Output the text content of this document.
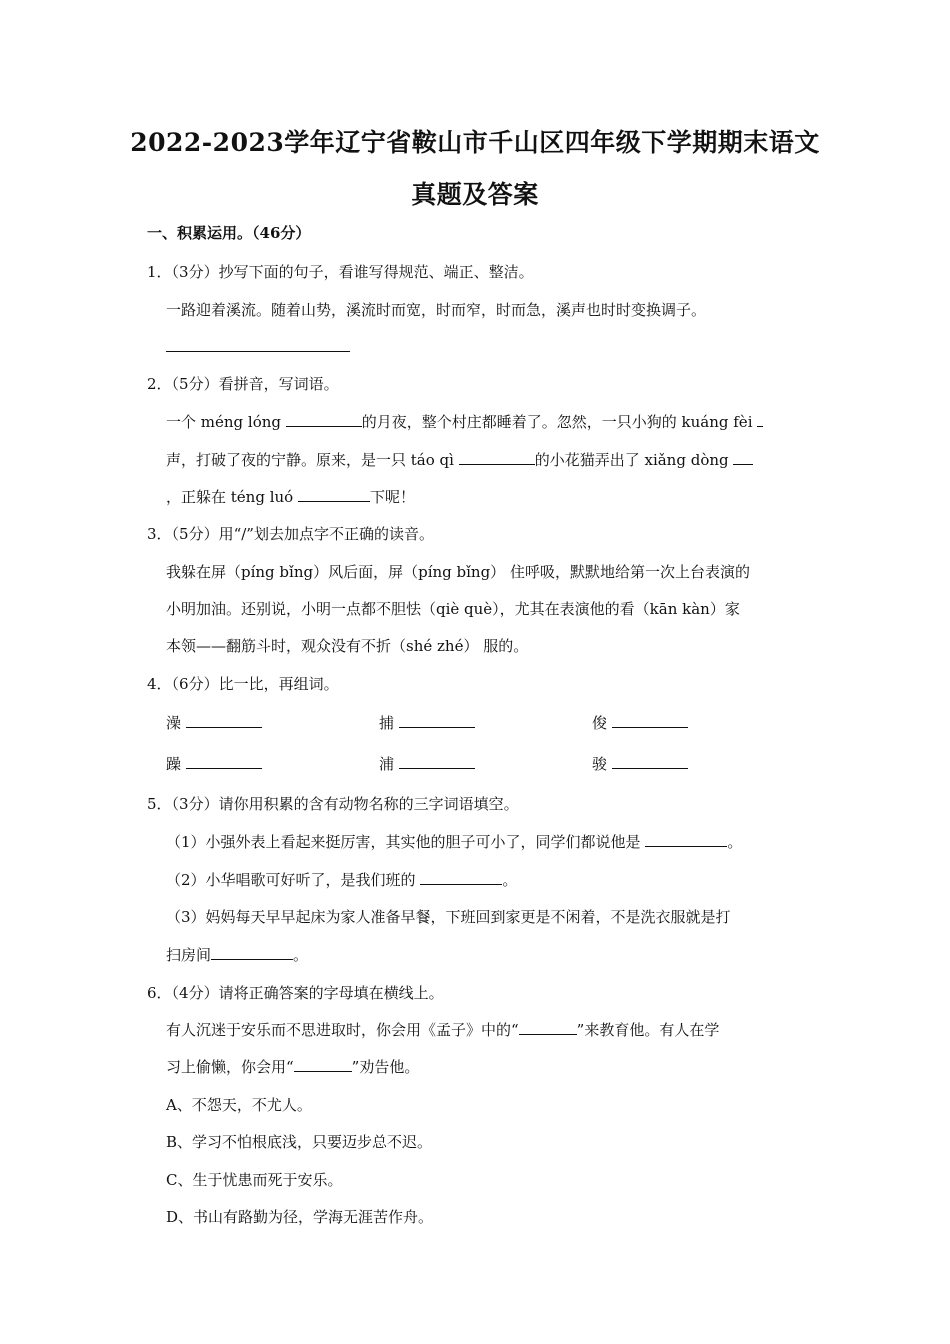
2022-2023学年辽宁省鞍山市千山区四年级下学期期末语文
真题及答案
一、积累运用。（46分）
1．（3分）抄写下面的句子，看谁写得规范、端正、整洁。
一路迎着溪流。随着山势，溪流时而宽，时而窄，时而急，溪声也时时变换调子。
2．（5分）看拼音，写词语。
一个 méng lóng	的月夜，整个村庄都睡着了。忽然，一只小狗的 kuáng fèi
声，打破了夜的宁静。原来，是一只 táo qì	的小花猫弄出了 xiǎng dòng
，正躲在 téng luó	下呢！
3．（5分）用“/”划去加点字不正确的读音。
我躲在屏（píng bǐng）风后面，屏（píng bǐng） 住呼吸，默默地给第一次上台表演的
小明加油。还别说，小明一点都不胆怯（qiè què），尤其在表演他的看（kān kàn）家
本领——翻筋斗时，观众没有不折（shé zhé） 服的。
4．（6分）比一比，再组词。
澡	捕	俊
躁	浦	骏
5．（3分）请你用积累的含有动物名称的三字词语填空。
（1）小强外表上看起来挺厉害，其实他的胆子可小了，同学们都说他是	。
（2）小华唱歌可好听了，是我们班的	。
（3）妈妈每天早早起床为家人准备早餐，下班回到家更是不闲着，不是洗衣服就是打
扫房间	。
6．（4分）请将正确答案的字母填在横线上。
有人沉迷于安乐而不思进取时，你会用《孟子》中的“	”来教育他。有人在学
习上偷懒，你会用“	”劝告他。
A、不怨天，不尤人。
B、学习不怕根底浅，只要迈步总不迟。
C、生于忧患而死于安乐。
D、书山有路勤为径，学海无涯苦作舟。
